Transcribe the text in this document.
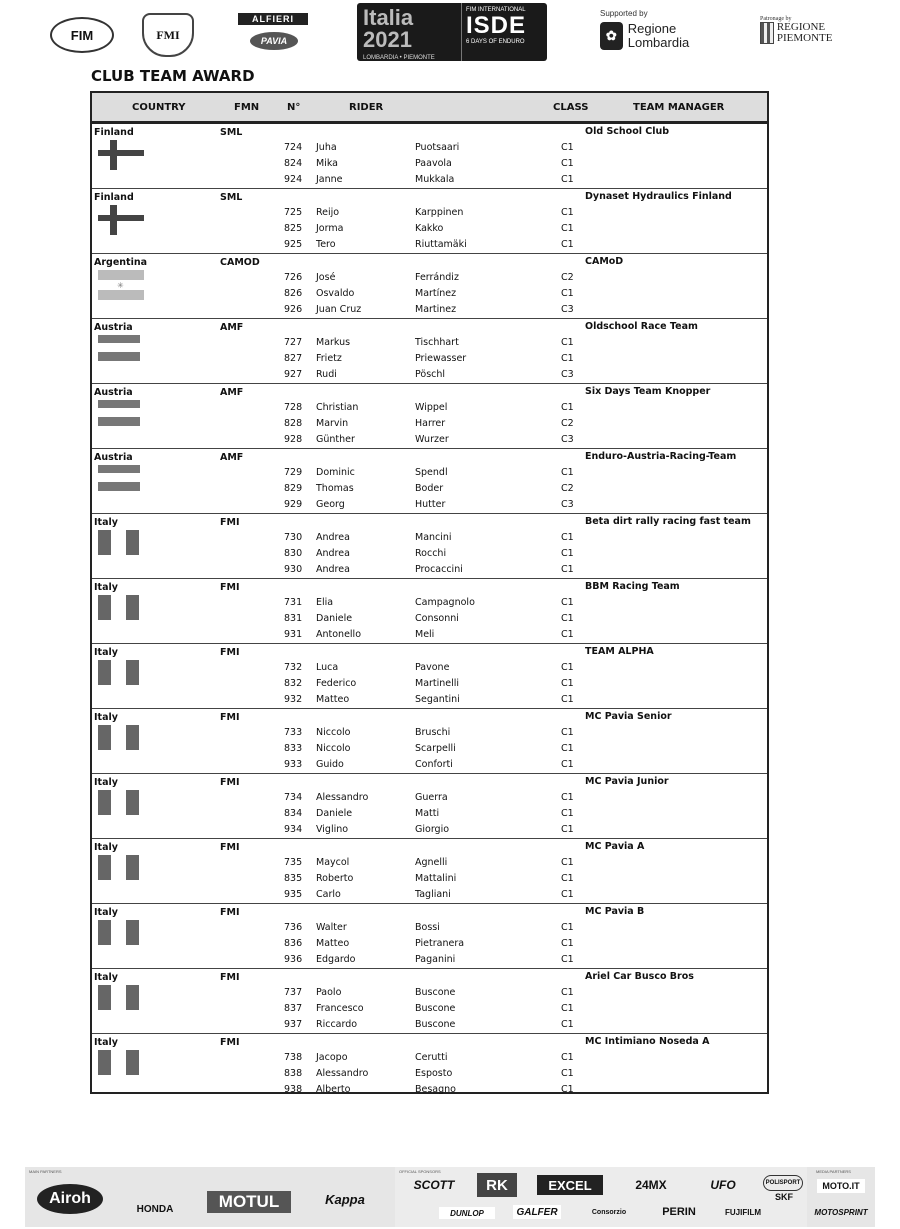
FIM	FMI
ALFIERI
PAVIA
Italia 2021
LOMBARDIA • PIEMONTE
FIM INTERNATIONAL
ISDE
6 DAYS OF ENDURO
Supported by
✿ Regione Lombardia
Patronage by
REGIONE PIEMONTE
CLUB TEAM AWARD
COUNTRY	FMN	N°	RIDER	CLASS	TEAM MANAGER
Finland	SML	Old School Club
724 Juha	Puotsaari	C1
824 Mika	Paavola	C1
924 Janne	Mukkala	C1
Finland	SML	Dynaset Hydraulics Finland
725 Reijo	Karppinen	C1
825 Jorma	Kakko	C1
925 Tero	Riuttamäki	C1
Argentina	CAMOD	CAMoD
✳
726 José	Ferrándiz	C2
826 Osvaldo	Martínez	C1
926 Juan Cruz	Martinez	C3
Austria	AMF	Oldschool Race Team
727 Markus	Tischhart	C1
827 Frietz	Priewasser	C1
927 Rudi	Pöschl	C3
Austria	AMF	Six Days Team Knopper
728 Christian	Wippel	C1
828 Marvin	Harrer	C2
928 Günther	Wurzer	C3
Austria	AMF	Enduro-Austria-Racing-Team
729 Dominic	Spendl	C1
829 Thomas	Boder	C2
929 Georg	Hutter	C3
Italy	FMI	Beta dirt rally racing fast team
730 Andrea	Mancini	C1
830 Andrea	Rocchi	C1
930 Andrea	Procaccini	C1
Italy	FMI	BBM Racing Team
731 Elia	Campagnolo	C1
831 Daniele	Consonni	C1
931 Antonello	Meli	C1
Italy	FMI	TEAM ALPHA
732 Luca	Pavone	C1
832 Federico	Martinelli	C1
932 Matteo	Segantini	C1
Italy	FMI	MC Pavia Senior
733 Niccolo	Bruschi	C1
833 Niccolo	Scarpelli	C1
933 Guido	Conforti	C1
Italy	FMI	MC Pavia Junior
734 Alessandro	Guerra	C1
834 Daniele	Matti	C1
934 Viglino	Giorgio	C1
Italy	FMI	MC Pavia A
735 Maycol	Agnelli	C1
835 Roberto	Mattalini	C1
935 Carlo	Tagliani	C1
Italy	FMI	MC Pavia B
736 Walter	Bossi	C1
836 Matteo	Pietranera	C1
936 Edgardo	Paganini	C1
Italy	FMI	Ariel Car Busco Bros
737 Paolo	Buscone	C1
837 Francesco	Buscone	C1
937 Riccardo	Buscone	C1
Italy	FMI	MC Intimiano Noseda A
738 Jacopo	Cerutti	C1
838 Alessandro	Esposto	C1
938 Alberto	Besagno	C1
MAIN PARTNERS	OFFICIAL SPONSORS	MEDIA PARTNERS
Airoh
HONDA	MOTUL	Kappa
SCOTT	RK	EXCEL	24MX	UFO	POLISPORT
DUNLOP	GALFER	Consorzio	PERIN	FUJIFILM
SKF
MOTO.IT
MOTOSPRINT
